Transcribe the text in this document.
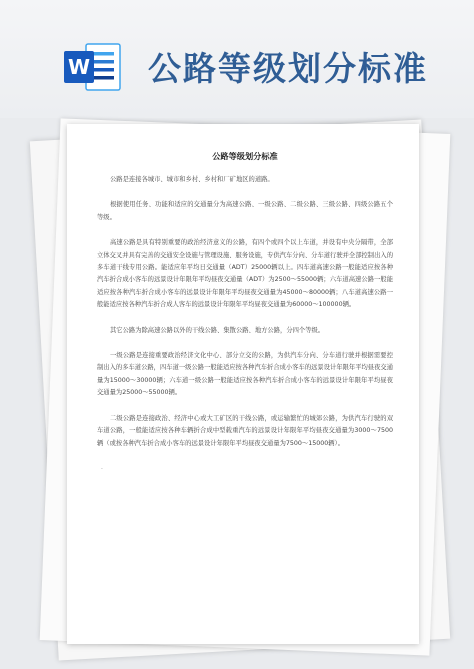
W 公路等级划分标准
公路等级划分标准

公路是连接各城市、城市和乡村、乡村和厂矿地区的道路。

根据使用任务、功能和适应的交通量分为高速公路、一级公路、二级公路、三级公路、四级公路五个等级。

高速公路是具有特别重要的政治经济意义的公路，有四个或四个以上车道，并设有中央分隔带，全部立体交叉并具有完善的交通安全设施与管理设施、服务设施，专供汽车分向、分车道行驶并全部控制出入的多车道干线专用公路。能适应年平均日交通量（ADT）25000辆以上。四车道高速公路一般能适应按各种汽车折合成小客车的远景设计年限年平均昼夜交通量（ADT）为2500～55000辆；六车道高速公路一般能适应按各种汽车折合成小客车的远景设计年限年平均昼夜交通量为45000～80000辆；八车道高速公路一般能适应按各种汽车折合成人客车的远景设计年限年平均昼夜交通量为60000～100000辆。

其它公路为除高速公路以外的干线公路、集散公路、地方公路，分四个等级。

一级公路是连接重要政治经济文化中心、部分立交的公路，为供汽车分向、分车道行驶并根据需要控制出入的多车道公路，四车道一级公路一般能适应按各种汽车折合成小客车的远景设计年限年平均昼夜交通量为15000～30000辆；六车道一级公路一般能适应按各种汽车折合成小客车的远景设计年限年平均昼夜交通量为25000～55000辆。

二级公路是连接政治、经济中心或大工矿区的干线公路，或运输繁忙的城郊公路，为供汽车行驶的双车道公路，一般能适应按各种车辆折合成中型载重汽车的远景设计年限年平均昼夜交通量为3000～7500辆（或按各种汽车折合成小客车的远景设计年限年平均昼夜交通量为7500～15000辆）。

.
